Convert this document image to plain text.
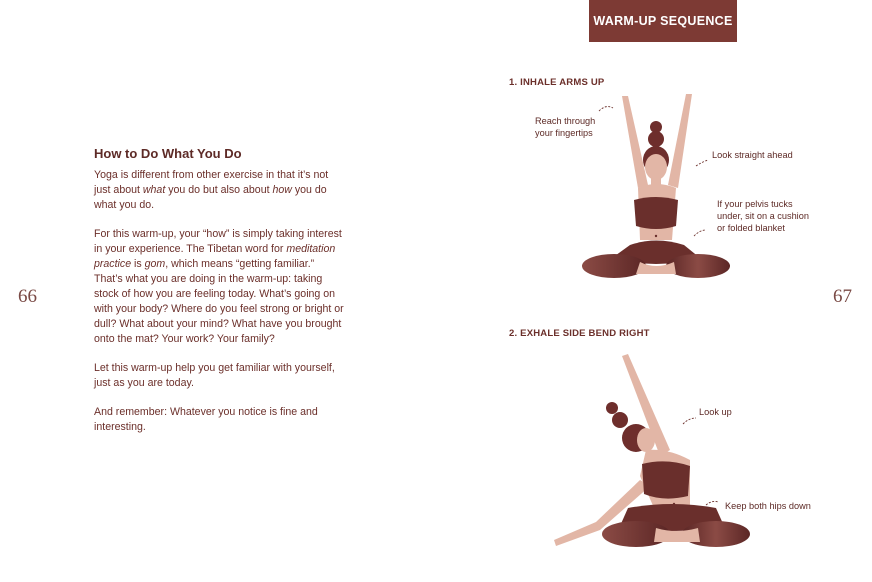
66
How to Do What You Do

Yoga is different from other exercise in that it’s not just about what you do but also about how you do what you do.

For this warm-up, your “how” is simply taking interest in your experience. The Tibetan word for meditation practice is gom, which means “getting familiar.” That’s what you are doing in the warm-up: taking stock of how you are feeling today. What’s going on with your body? Where do you feel strong or bright or dull? What about your mind? What have you brought onto the mat? Your work? Your family?

Let this warm-up help you get familiar with yourself, just as you are today.

And remember: Whatever you notice is fine and interesting.

WARM-UP SEQUENCE
67
1. INHALE ARMS UP
2. EXHALE SIDE BEND RIGHT
Reach through your fingertips
Look straight ahead
If your pelvis tucks under, sit on a cushion or folded blanket
Look up
Keep both hips down
